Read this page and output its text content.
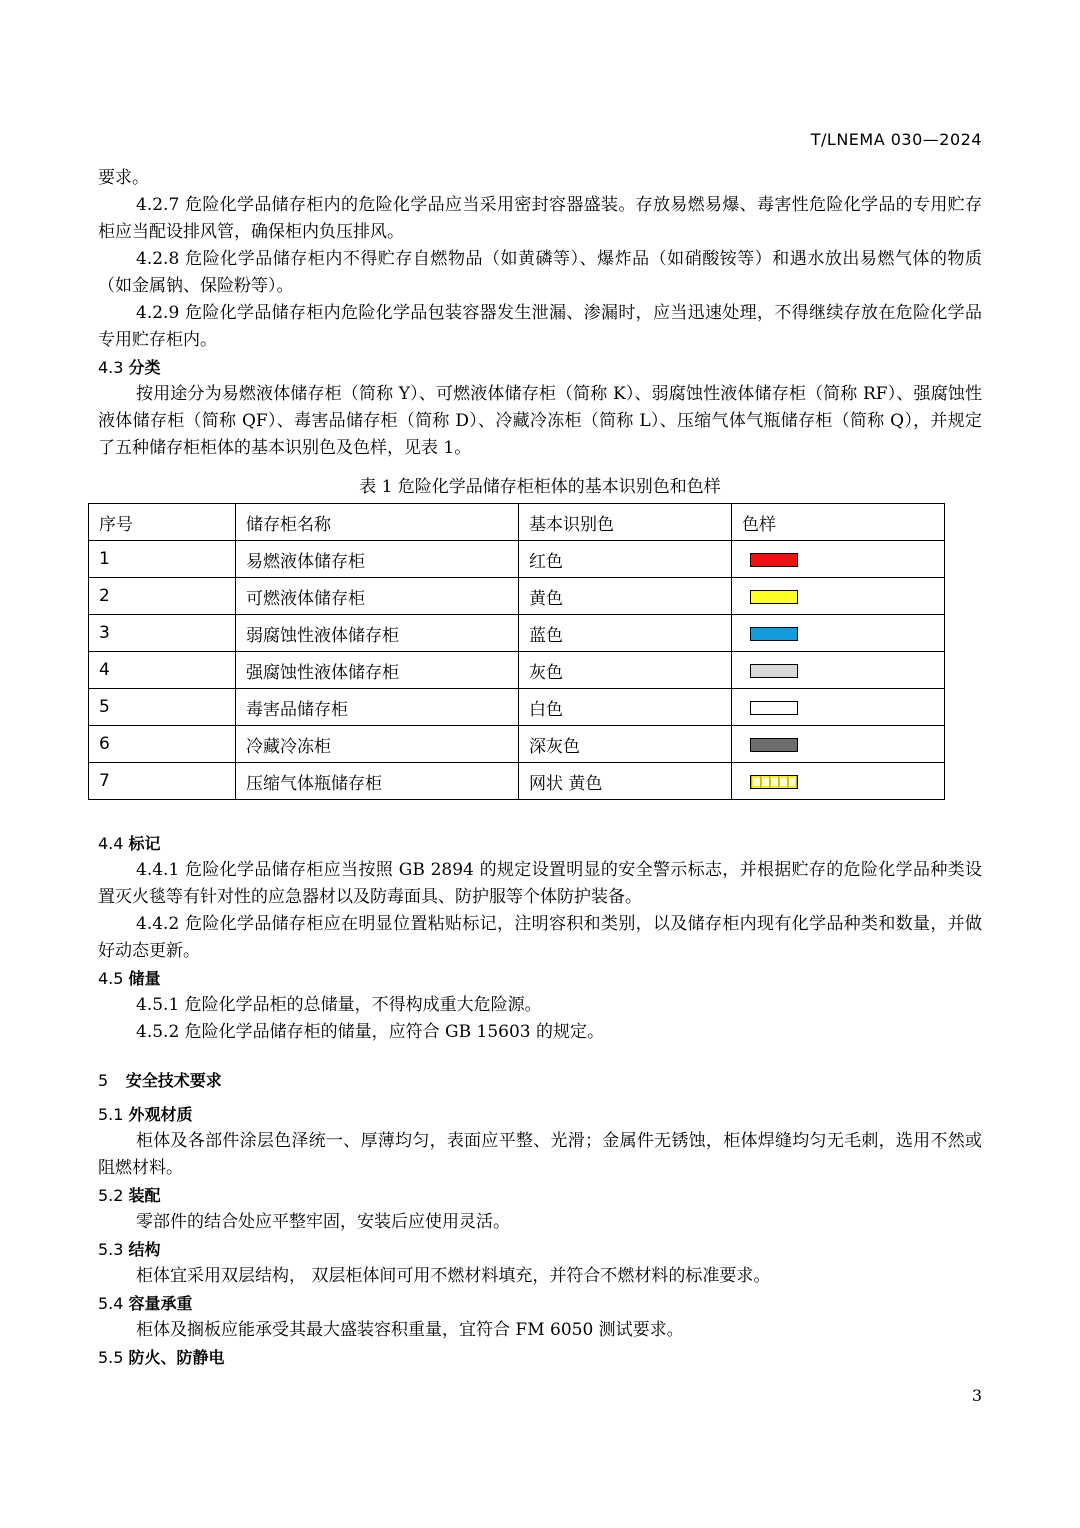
T/LNEMA 030—2024

要求。

4.2.7 危险化学品储存柜内的危险化学品应当采用密封容器盛装。存放易燃易爆、毒害性危险化学品的专用贮存柜应当配设排风管，确保柜内负压排风。

4.2.8 危险化学品储存柜内不得贮存自燃物品（如黄磷等）、爆炸品（如硝酸铵等）和遇水放出易燃气体的物质（如金属钠、保险粉等）。

4.2.9 危险化学品储存柜内危险化学品包装容器发生泄漏、渗漏时，应当迅速处理，不得继续存放在危险化学品专用贮存柜内。

4.3 分类

按用途分为易燃液体储存柜（简称 Y）、可燃液体储存柜（简称 K）、弱腐蚀性液体储存柜（简称 RF）、强腐蚀性液体储存柜（简称 QF）、毒害品储存柜（简称 D）、冷藏冷冻柜（简称 L）、压缩气体气瓶储存柜（简称 Q），并规定了五种储存柜柜体的基本识别色及色样，见表 1。

表 1 危险化学品储存柜柜体的基本识别色和色样
序号	储存柜名称	基本识别色	色样
1	易燃液体储存柜	红色	
2	可燃液体储存柜	黄色	
3	弱腐蚀性液体储存柜	蓝色	
4	强腐蚀性液体储存柜	灰色	
5	毒害品储存柜	白色	
6	冷藏冷冻柜	深灰色	
7	压缩气体瓶储存柜	网状 黄色	
4.4 标记

4.4.1 危险化学品储存柜应当按照 GB 2894 的规定设置明显的安全警示标志，并根据贮存的危险化学品种类设置灭火毯等有针对性的应急器材以及防毒面具、防护服等个体防护装备。

4.4.2 危险化学品储存柜应在明显位置粘贴标记，注明容积和类别，以及储存柜内现有化学品种类和数量，并做好动态更新。

4.5 储量

4.5.1 危险化学品柜的总储量，不得构成重大危险源。

4.5.2 危险化学品储存柜的储量，应符合 GB 15603 的规定。

5 安全技术要求
5.1 外观材质

柜体及各部件涂层色泽统一、厚薄均匀，表面应平整、光滑；金属件无锈蚀，柜体焊缝均匀无毛刺，选用不然或阻燃材料。

5.2 装配

零部件的结合处应平整牢固，安装后应使用灵活。

5.3 结构

柜体宜采用双层结构， 双层柜体间可用不燃材料填充，并符合不燃材料的标准要求。

5.4 容量承重

柜体及搁板应能承受其最大盛装容积重量，宜符合 FM 6050 测试要求。

5.5 防火、防静电
3
